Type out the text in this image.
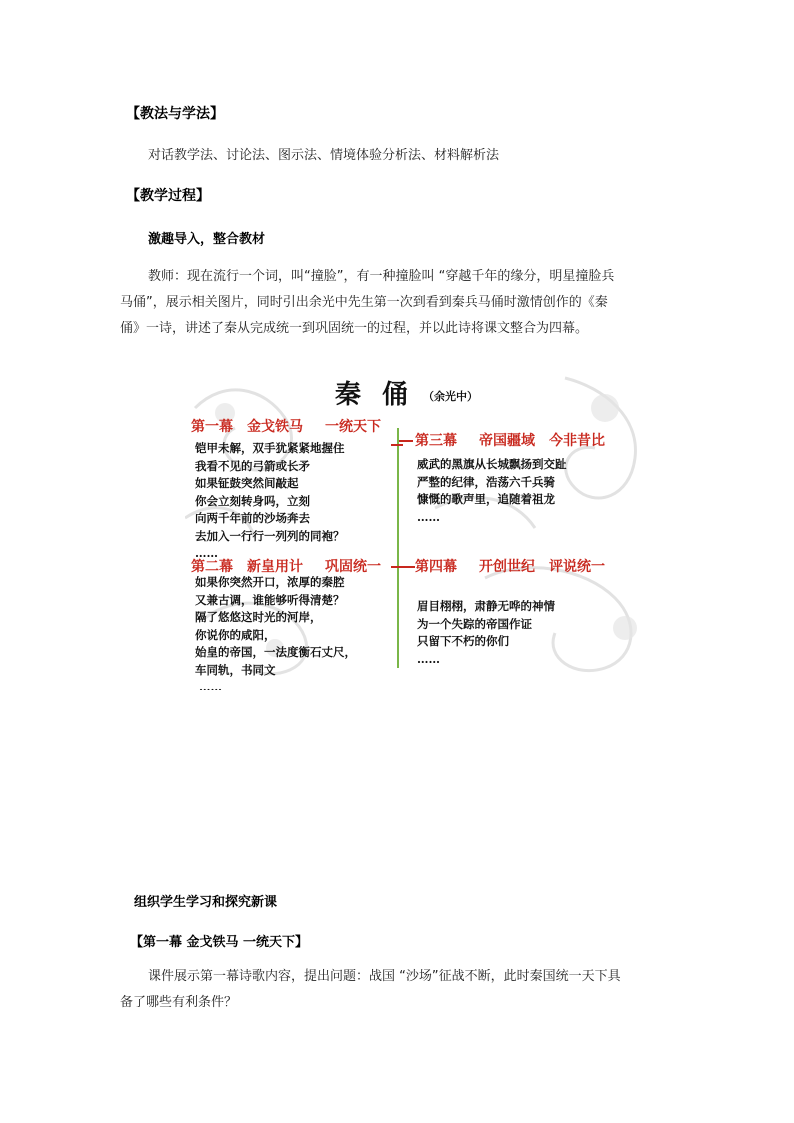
【教法与学法】
对话教学法、讨论法、图示法、情境体验分析法、材料解析法
【教学过程】
激趣导入，整合教材
教师：现在流行一个词，叫“撞脸”，有一种撞脸叫 “穿越千年的缘分，明星撞脸兵
马俑”，展示相关图片，同时引出余光中先生第一次到看到秦兵马俑时激情创作的《秦
俑》一诗，讲述了秦从完成统一到巩固统一的过程，并以此诗将课文整合为四幕。
秦 俑 （余光中）
第一幕 金戈铁马 一统天下
铠甲未解，双手犹紧紧地握住
我看不见的弓箭或长矛
如果钲鼓突然间敲起
你会立刻转身吗，立刻
向两千年前的沙场奔去
去加入一行行一列列的同袍？
……
第二幕 新皇用计 巩固统一
如果你突然开口，浓厚的秦腔
又兼古调，谁能够听得清楚？
隔了悠悠这时光的河岸，
你说你的咸阳，
始皇的帝国，一法度衡石丈尺，
车同轨，书同文
……
第三幕 帝国疆域 今非昔比
威武的黑旗从长城飘扬到交趾
严整的纪律，浩荡六千兵骑
慷慨的歌声里，追随着祖龙
……
第四幕 开创世纪 评说统一
眉目栩栩，肃静无哗的神情
为一个失踪的帝国作证
只留下不朽的你们
……
组织学生学习和探究新课
【第一幕 金戈铁马 一统天下】
课件展示第一幕诗歌内容，提出问题：战国 “沙场”征战不断，此时秦国统一天下具
备了哪些有利条件？
